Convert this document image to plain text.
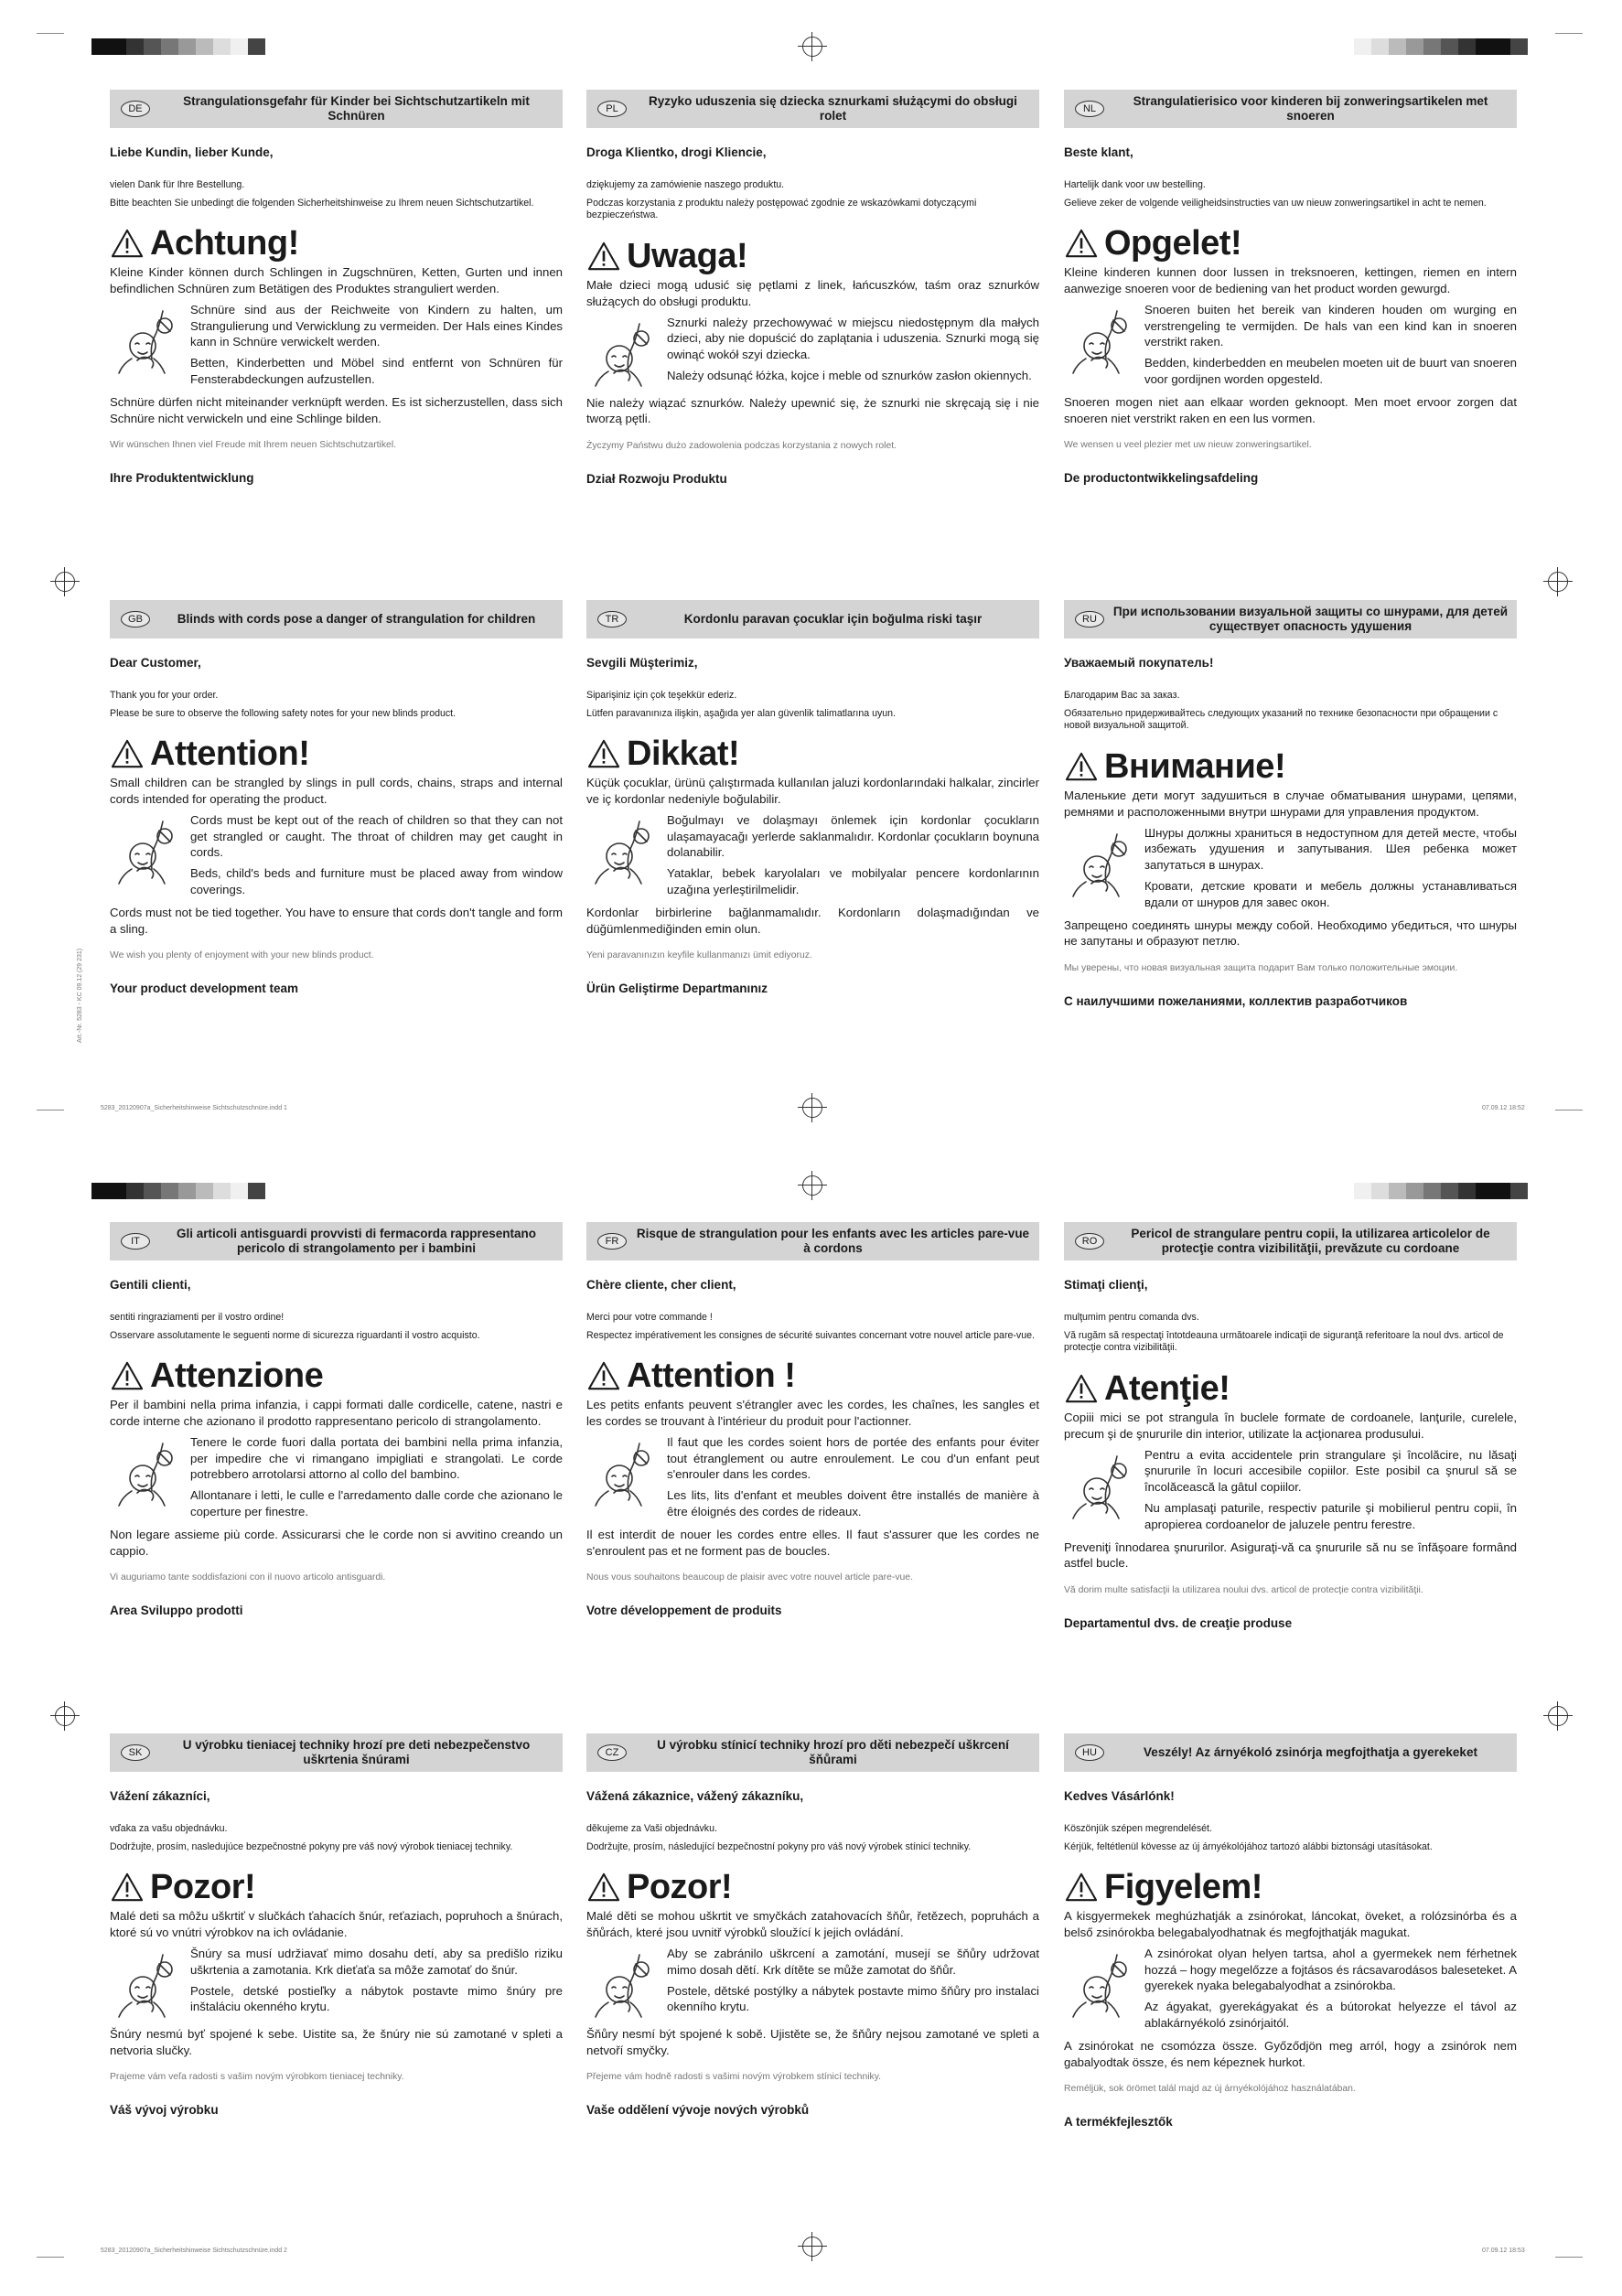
5283_20120907a_Sicherheitshinweise Sichtschutzschnüre.indd 1	07.09.12 18:52
Art.-Nr. 5283 - KC 09.12 (29 231)
5283_20120907a_Sicherheitshinweise Sichtschutzschnüre.indd 2	07.09.12 18:53
DE
Strangulationsgefahr für Kinder bei Sichtschutzartikeln mit Schnüren

Liebe Kundin, lieber Kunde,

vielen Dank für Ihre Bestellung.

Bitte beachten Sie unbedingt die folgenden Sicherheitshinweise zu Ihrem neuen Sichtschutzartikel.

Achtung!

Kleine Kinder können durch Schlingen in Zugschnüren, Ketten, Gurten und innen befindlichen Schnüren zum Betätigen des Produktes stranguliert werden.

Schnüre sind aus der Reichweite von Kindern zu halten, um Strangulierung und Verwicklung zu vermeiden. Der Hals eines Kindes kann in Schnüre verwickelt werden.

Betten, Kinderbetten und Möbel sind entfernt von Schnüren für Fensterabdeckungen aufzustellen.

Schnüre dürfen nicht miteinander verknüpft werden. Es ist sicherzustellen, dass sich Schnüre nicht verwickeln und eine Schlinge bilden.

Wir wünschen Ihnen viel Freude mit Ihrem neuen Sichtschutzartikel.

Ihre Produktentwicklung

PL
Ryzyko uduszenia się dziecka sznurkami służącymi do obsługi rolet

Droga Klientko, drogi Kliencie,

dziękujemy za zamówienie naszego produktu.

Podczas korzystania z produktu należy postępować zgodnie ze wskazówkami dotyczącymi bezpieczeństwa.

Uwaga!

Małe dzieci mogą udusić się pętlami z linek, łańcuszków, taśm oraz sznurków służących do obsługi produktu.

Sznurki należy przechowywać w miejscu niedostępnym dla małych dzieci, aby nie dopuścić do zaplątania i uduszenia. Sznurki mogą się owinąć wokół szyi dziecka.

Należy odsunąć łóżka, kojce i meble od sznurków zasłon okiennych.

Nie należy wiązać sznurków. Należy upewnić się, że sznurki nie skręcają się i nie tworzą pętli.

Życzymy Państwu dużo zadowolenia podczas korzystania z nowych rolet.

Dział Rozwoju Produktu

NL
Strangulatierisico voor kinderen bij zonweringsartikelen met snoeren

Beste klant,

Hartelijk dank voor uw bestelling.

Gelieve zeker de volgende veiligheidsinstructies van uw nieuw zonweringsartikel in acht te nemen.

Opgelet!

Kleine kinderen kunnen door lussen in treksnoeren, kettingen, riemen en intern aanwezige snoeren voor de bediening van het product worden gewurgd.

Snoeren buiten het bereik van kinderen houden om wurging en verstrengeling te vermijden. De hals van een kind kan in snoeren verstrikt raken.

Bedden, kinderbedden en meubelen moeten uit de buurt van snoeren voor gordijnen worden opgesteld.

Snoeren mogen niet aan elkaar worden geknoopt. Men moet ervoor zorgen dat snoeren niet verstrikt raken en een lus vormen.

We wensen u veel plezier met uw nieuw zonweringsartikel.

De productontwikkelingsafdeling

GB	Blinds with cords pose a danger of strangulation for children

Dear Customer,

Thank you for your order.

Please be sure to observe the following safety notes for your new blinds product.

Attention!

Small children can be strangled by slings in pull cords, chains, straps and internal cords intended for operating the product.

Cords must be kept out of the reach of children so that they can not get strangled or caught. The throat of children may get caught in cords.

Beds, child's beds and furniture must be placed away from window coverings.

Cords must not be tied together. You have to ensure that cords don't tangle and form a sling.

We wish you plenty of enjoyment with your new blinds product.

Your product development team

TR	Kordonlu paravan çocuklar için boğulma riski taşır

Sevgili Müşterimiz,

Siparişiniz için çok teşekkür ederiz.

Lütfen paravanınıza ilişkin, aşağıda yer alan güvenlik talimatlarına uyun.

Dikkat!

Küçük çocuklar, ürünü çalıştırmada kullanılan jaluzi kordonlarındaki halkalar, zincirler ve iç kordonlar nedeniyle boğulabilir.

Boğulmayı ve dolaşmayı önlemek için kordonlar çocukların ulaşamayacağı yerlerde saklanmalıdır. Kordonlar çocukların boynuna dolanabilir.

Yataklar, bebek karyolaları ve mobilyalar pencere kordonlarının uzağına yerleştirilmelidir.

Kordonlar birbirlerine bağlanmamalıdır. Kordonların dolaşmadığından ve düğümlenmediğinden emin olun.

Yeni paravanınızın keyfile kullanmanızı ümit ediyoruz.

Ürün Geliştirme Departmanınız

RU
При использовании визуальной защиты со шнурами, для детей существует опасность удушения

Уважаемый покупатель!

Благодарим Вас за заказ.

Обязательно придерживайтесь следующих указаний по технике безопасности при обращении с новой визуальной защитой.

Внимание!

Маленькие дети могут задушиться в случае обматывания шнурами, цепями, ремнями и расположенными внутри шнурами для управления продуктом.

Шнуры должны храниться в недоступном для детей месте, чтобы избежать удушения и запутывания. Шея ребенка может запутаться в шнурах.

Кровати, детские кровати и мебель должны устанавливаться вдали от шнуров для завес окон.

Запрещено соединять шнуры между собой. Необходимо убедиться, что шнуры не запутаны и образуют петлю.

Мы уверены, что новая визуальная защита подарит Вам только положительные эмоции.

С наилучшими пожеланиями, коллектив разработчиков

IT
Gli articoli antisguardi provvisti di fermacorda rappresentano pericolo di strangolamento per i bambini

Gentili clienti,

sentiti ringraziamenti per il vostro ordine!

Osservare assolutamente le seguenti norme di sicurezza riguardanti il vostro acquisto.

Attenzione

Per il bambini nella prima infanzia, i cappi formati dalle cordicelle, catene, nastri e corde interne che azionano il prodotto rappresentano pericolo di strangolamento.

Tenere le corde fuori dalla portata dei bambini nella prima infanzia, per impedire che vi rimangano impigliati e strangolati. Le corde potrebbero arrotolarsi attorno al collo del bambino.

Allontanare i letti, le culle e l'arredamento dalle corde che azionano le coperture per finestre.

Non legare assieme più corde. Assicurarsi che le corde non si avvitino creando un cappio.

Vi auguriamo tante soddisfazioni con il nuovo articolo antisguardi.

Area Sviluppo prodotti

FR
Risque de strangulation pour les enfants avec les articles pare-vue à cordons

Chère cliente, cher client,

Merci pour votre commande !

Respectez impérativement les consignes de sécurité suivantes concernant votre nouvel article pare-vue.

Attention !

Les petits enfants peuvent s'étrangler avec les cordes, les chaînes, les sangles et les cordes se trouvant à l'intérieur du produit pour l'actionner.

Il faut que les cordes soient hors de portée des enfants pour éviter tout étranglement ou autre enroulement. Le cou d'un enfant peut s'enrouler dans les cordes.

Les lits, lits d'enfant et meubles doivent être installés de manière à être éloignés des cordes de rideaux.

Il est interdit de nouer les cordes entre elles. Il faut s'assurer que les cordes ne s'enroulent pas et ne forment pas de boucles.

Nous vous souhaitons beaucoup de plaisir avec votre nouvel article pare-vue.

Votre développement de produits

RO
Pericol de strangulare pentru copii, la utilizarea articolelor de protecţie contra vizibilităţii, prevăzute cu cordoane

Stimaţi clienţi,

mulţumim pentru comanda dvs.

Vă rugăm să respectaţi întotdeauna următoarele indicaţii de siguranţă referitoare la noul dvs. articol de protecţie contra vizibilităţii.

Atenţie!

Copiii mici se pot strangula în buclele formate de cordoanele, lanţurile, curelele, precum şi de şnururile din interior, utilizate la acţionarea produsului.

Pentru a evita accidentele prin strangulare şi încolăcire, nu lăsaţi şnururile în locuri accesibile copiilor. Este posibil ca şnurul să se încolăcească la gâtul copiilor.

Nu amplasaţi paturile, respectiv paturile şi mobilierul pentru copii, în apropierea cordoanelor de jaluzele pentru ferestre.

Preveniţi înnodarea şnururilor. Asiguraţi-vă ca şnururile să nu se înfăşoare formând astfel bucle.

Vă dorim multe satisfacţii la utilizarea noului dvs. articol de protecţie contra vizibilităţii.

Departamentul dvs. de creaţie produse

SK
U výrobku tieniacej techniky hrozí pre deti nebezpečenstvo uškrtenia šnúrami

Vážení zákazníci,

vďaka za vašu objednávku.

Dodržujte, prosím, nasledujúce bezpečnostné pokyny pre váš nový výrobok tieniacej techniky.

Pozor!

Malé deti sa môžu uškrtiť v slučkách ťahacích šnúr, reťaziach, popruhoch a šnúrach, ktoré sú vo vnútri výrobkov na ich ovládanie.

Šnúry sa musí udržiavať mimo dosahu detí, aby sa predišlo riziku uškrtenia a zamotania. Krk dieťaťa sa môže zamotať do šnúr.

Postele, detské postieľky a nábytok postavte mimo šnúry pre inštaláciu okenného krytu.

Šnúry nesmú byť spojené k sebe. Uistite sa, že šnúry nie sú zamotané v spleti a netvoria slučky.

Prajeme vám veľa radosti s vašim novým výrobkom tieniacej techniky.

Váš vývoj výrobku

CZ
U výrobku stínicí techniky hrozí pro děti nebezpečí uškrcení šňůrami

Vážená zákaznice, vážený zákazníku,

děkujeme za Vaši objednávku.

Dodržujte, prosím, následující bezpečnostní pokyny pro váš nový výrobek stínicí techniky.

Pozor!

Malé děti se mohou uškrtit ve smyčkách zatahovacích šňůr, řetězech, popruhách a šňůrách, které jsou uvnitř výrobků sloužící k jejich ovládání.

Aby se zabránilo uškrcení a zamotání, musejí se šňůry udržovat mimo dosah dětí. Krk dítěte se může zamotat do šňůr.

Postele, dětské postýlky a nábytek postavte mimo šňůry pro instalaci okenního krytu.

Šňůry nesmí být spojené k sobě. Ujistěte se, že šňůry nejsou zamotané ve spleti a netvoří smyčky.

Přejeme vám hodně radosti s vašimi novým výrobkem stínicí techniky.

Vaše oddělení vývoje nových výrobků

HU	Veszély! Az árnyékoló zsinórja megfojthatja a gyerekeket

Kedves Vásárlónk!

Köszönjük szépen megrendelését.

Kérjük, feltétlenül kövesse az új árnyékolójához tartozó alábbi biztonsági utasításokat.

Figyelem!

A kisgyermekek meghúzhatják a zsinórokat, láncokat, öveket, a rolózsinórba és a belső zsinórokba belegabalyodhatnak és megfojthatják magukat.

A zsinórokat olyan helyen tartsa, ahol a gyermekek nem férhetnek hozzá – hogy megelőzze a fojtásos és rácsavarodásos baleseteket. A gyerekek nyaka belegabalyodhat a zsinórokba.

Az ágyakat, gyerekágyakat és a bútorokat helyezze el távol az ablakárnyékoló zsinórjaitól.

A zsinórokat ne csomózza össze. Győződjön meg arról, hogy a zsinórok nem gabalyodtak össze, és nem képeznek hurkot.

Reméljük, sok örömet talál majd az új árnyékolójához használatában.

A termékfejlesztők
